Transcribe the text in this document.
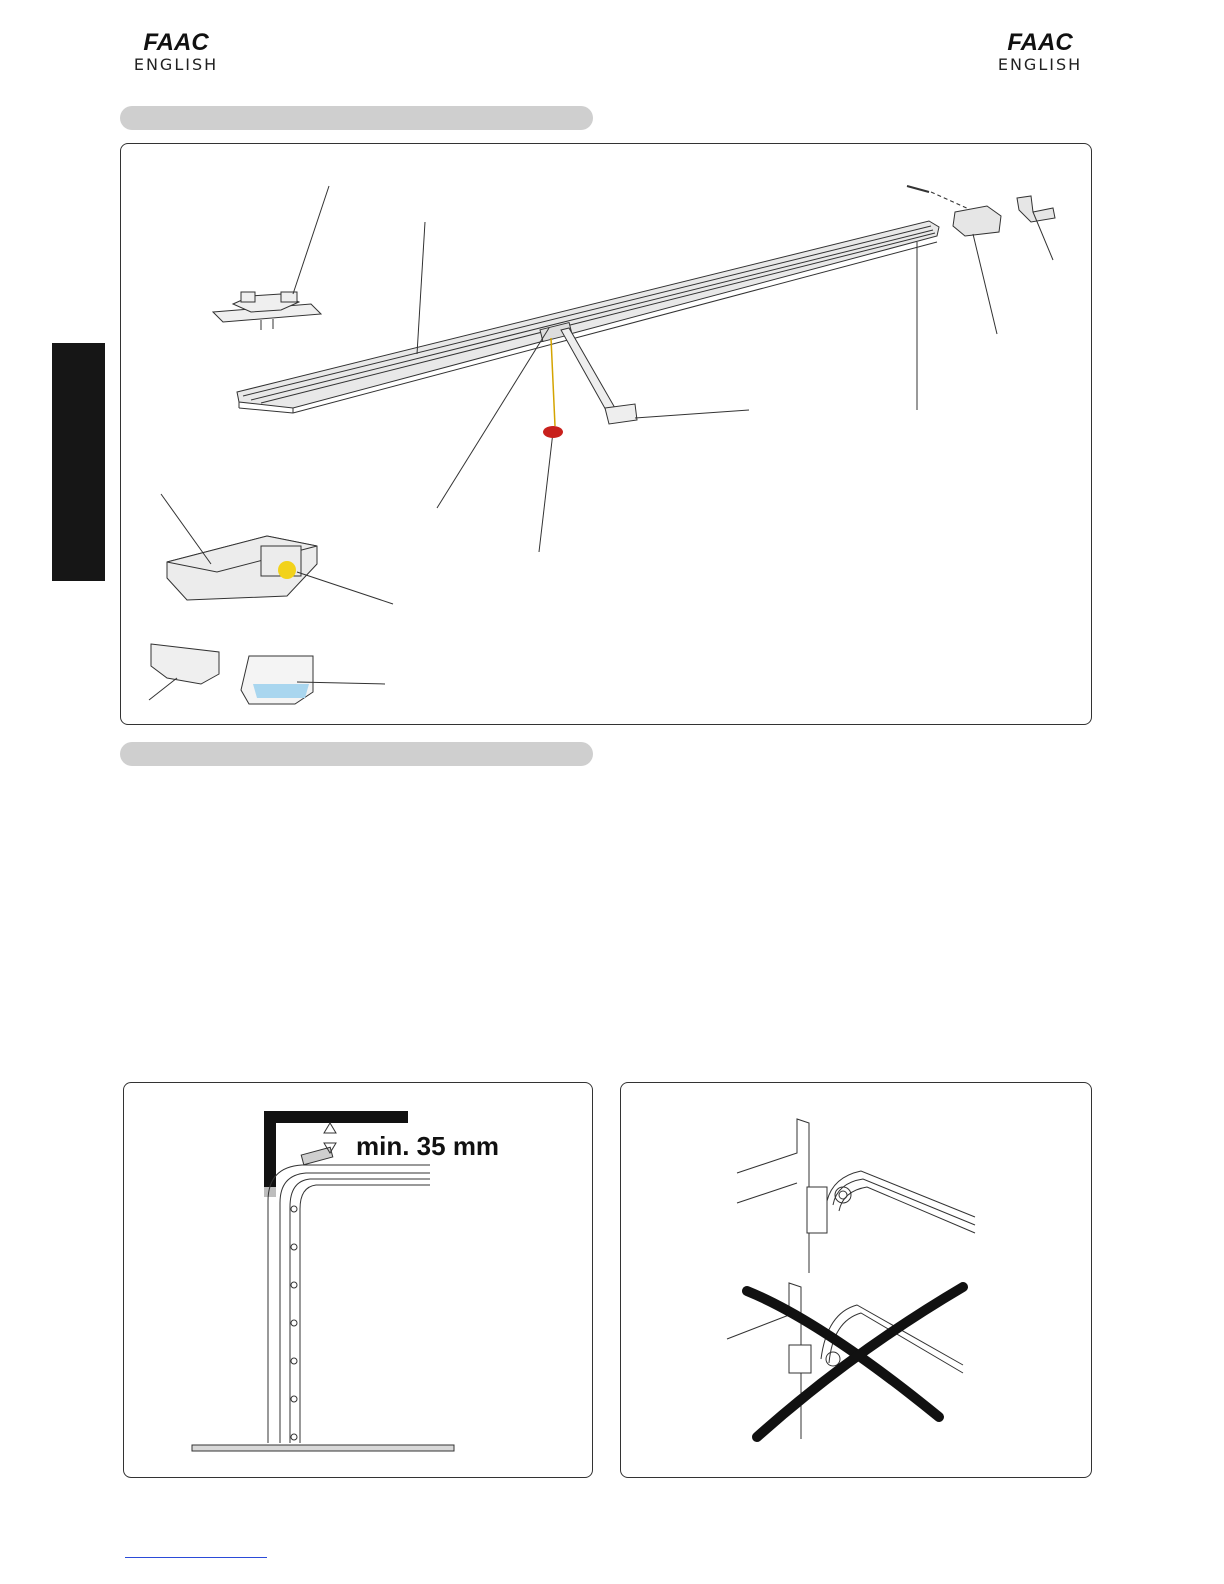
FAAC
ENGLISH
FAAC
ENGLISH
min. 35 mm
